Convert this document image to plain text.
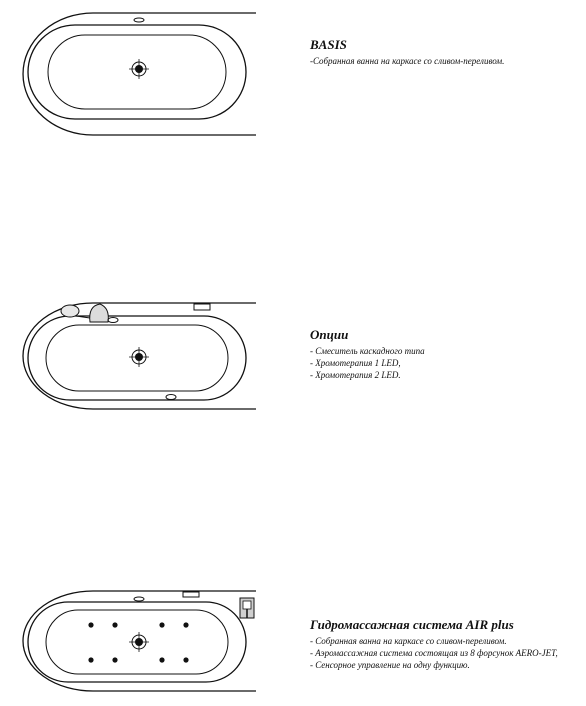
BASIS

-Собранная ванна на каркасе со сливом-переливом.

Опции

- Смеситель каскадного типа

- Хромотерапия 1 LED,

- Хромотерапия 2 LED.

Гидромассажная система AIR plus

- Собранная ванна на каркасе со сливом-переливом.

- Аэромассажная система состоящая из 8 форсунок AERO-JET,

- Сенсорное управление на одну функцию.
